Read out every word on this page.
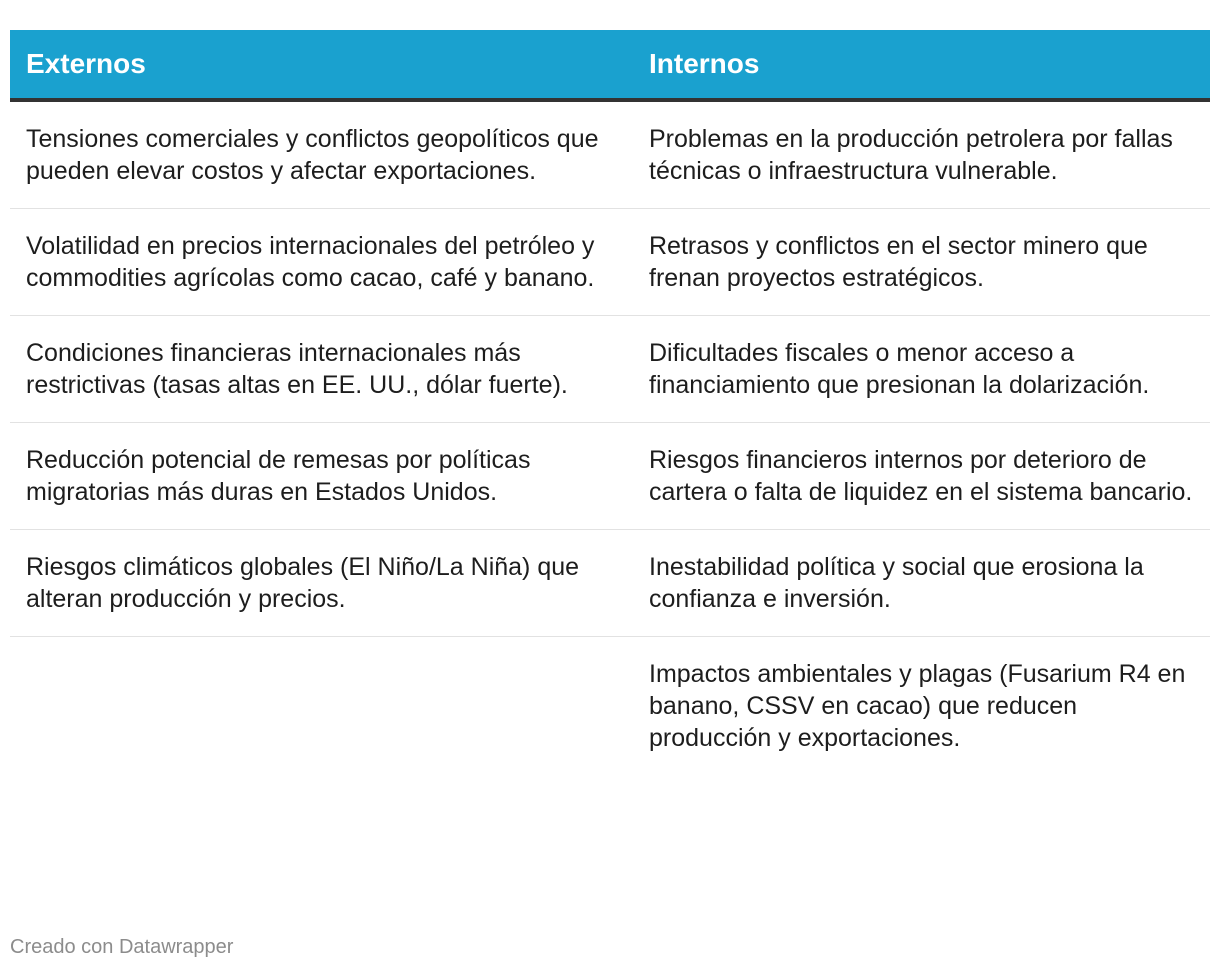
Externos	Internos
Tensiones comerciales y conflictos geopolíticos que pueden elevar costos y afectar exportaciones.	Problemas en la producción petrolera por fallas técnicas o infraestructura vulnerable.
Volatilidad en precios internacionales del petróleo y commodities agrícolas como cacao, café y banano.	Retrasos y conflictos en el sector minero que frenan proyectos estratégicos.
Condiciones financieras internacionales más restrictivas (tasas altas en EE. UU., dólar fuerte).	Dificultades fiscales o menor acceso a financiamiento que presionan la dolarización.
Reducción potencial de remesas por políticas migratorias más duras en Estados Unidos.	Riesgos financieros internos por deterioro de cartera o falta de liquidez en el sistema bancario.
Riesgos climáticos globales (El Niño/La Niña) que alteran producción y precios.	Inestabilidad política y social que erosiona la confianza e inversión.
	Impactos ambientales y plagas (Fusarium R4 en banano, CSSV en cacao) que reducen producción y exportaciones.
Creado con Datawrapper
